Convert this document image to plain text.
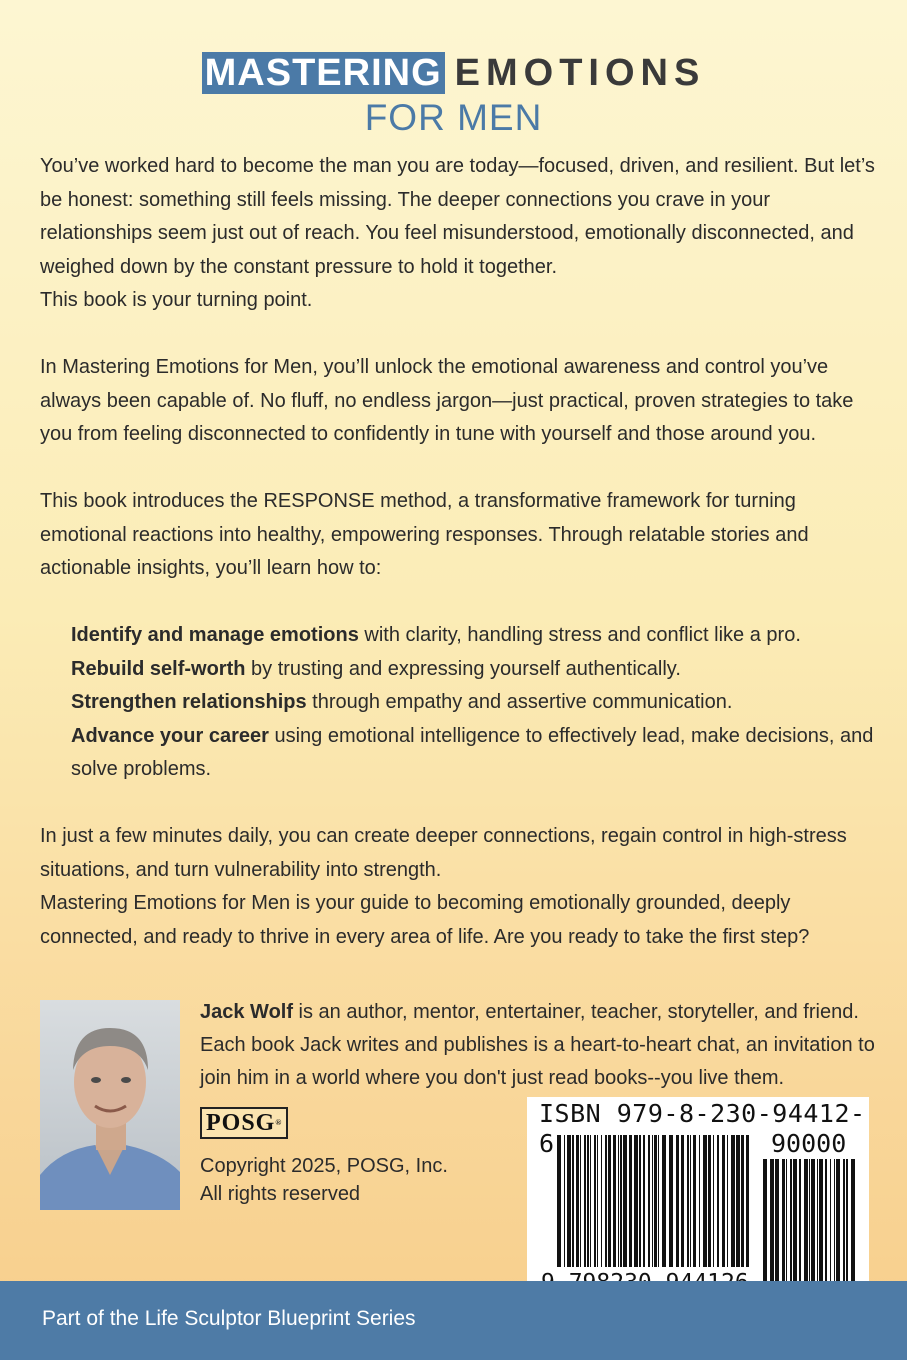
MASTERING EMOTIONS
FOR MEN

You’ve worked hard to become the man you are today—focused, driven, and resilient. But let’s be honest: something still feels missing. The deeper connections you crave in your relationships seem just out of reach. You feel misunderstood, emotionally disconnected, and weighed down by the constant pressure to hold it together.

This book is your turning point.

In Mastering Emotions for Men, you’ll unlock the emotional awareness and control you’ve always been capable of. No fluff, no endless jargon—just practical, proven strategies to take you from feeling disconnected to confidently in tune with yourself and those around you.

This book introduces the RESPONSE method, a transformative framework for turning emotional reactions into healthy, empowering responses. Through relatable stories and actionable insights, you’ll learn how to:

Identify and manage emotions with clarity, handling stress and conflict like a pro.

Rebuild self-worth by trusting and expressing yourself authentically.

Strengthen relationships through empathy and assertive communication.

Advance your career using emotional intelligence to effectively lead, make decisions, and solve problems.

In just a few minutes daily, you can create deeper connections, regain control in high-stress situations, and turn vulnerability into strength.

Mastering Emotions for Men is your guide to becoming emotionally grounded, deeply connected, and ready to thrive in every area of life. Are you ready to take the first step?

Jack Wolf is an author, mentor, entertainer, teacher, storyteller, and friend. Each book Jack writes and publishes is a heart-to-heart chat, an invitation to join him in a world where you don't just read books--you live them.
POSG®
Copyright 2025, POSG, Inc.
All rights reserved
ISBN 979-8-230-94412-6	90000
Part of the Life Sculptor Blueprint Series
